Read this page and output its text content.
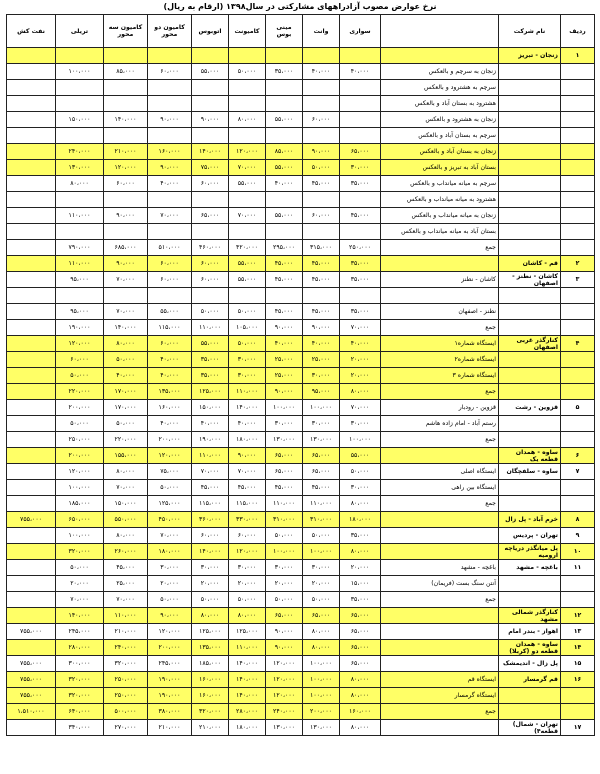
نرخ عوارض مصوب آزادراههای مشارکتی در سال۱۳۹۸ (ارقام به ریال)
ردیف	نام شرکت		سواری	وانت	مینی بوس	کامیونت	اتوبوس	کامیون دو محور	کامیون سه محور	تریلی	نفت کش
۱	زنجان - تبریز										
		زنجان به سرچم و بالعکس	۴۰،۰۰۰	۴۰،۰۰۰	۳۵،۰۰۰	۵۰،۰۰۰	۵۵،۰۰۰	۶۰،۰۰۰	۸۵،۰۰۰	۱۰۰،۰۰۰	
		سرچم به هشترود و بالعکس									
		هشترود به بستان آباد و بالعکس									
		زنجان به هشترود و بالعکس		۶۰،۰۰۰	۵۵،۰۰۰	۸۰،۰۰۰	۹۰،۰۰۰	۹۰،۰۰۰	۱۴۰،۰۰۰	۱۵۰،۰۰۰	
		سرچم به بستان آباد و بالعکس									
		زنجان به بستان آباد و بالعکس	۶۵،۰۰۰	۹۰،۰۰۰	۸۵،۰۰۰	۱۲۰،۰۰۰	۱۴۰،۰۰۰	۱۶۰،۰۰۰	۲۱۰،۰۰۰	۲۴۰،۰۰۰	
		بستان آباد به تبریز و بالعکس	۳۰،۰۰۰	۵۰،۰۰۰	۵۵،۰۰۰	۷۰،۰۰۰	۷۵،۰۰۰	۹۰،۰۰۰	۱۲۰،۰۰۰	۱۳۰،۰۰۰	
		سرچم به میانه میانداب و بالعکس	۳۵،۰۰۰	۴۵،۰۰۰	۴۰،۰۰۰	۵۵،۰۰۰	۶۰،۰۰۰	۴۰،۰۰۰	۶۰،۰۰۰	۸۰،۰۰۰	
		هشترود به میانه میانداب و بالعکس									
		زنجان به میانه میانداب و بالعکس	۴۵،۰۰۰	۶۰،۰۰۰	۵۵،۰۰۰	۷۰،۰۰۰	۶۵،۰۰۰	۷۰،۰۰۰	۹۰،۰۰۰	۱۱۰،۰۰۰	
		بستان آباد به میانه میانداب و بالعکس									
		جمع	۲۵۰،۰۰۰	۳۱۵،۰۰۰	۲۹۵،۰۰۰	۴۲۰،۰۰۰	۴۶۰،۰۰۰	۵۱۰،۰۰۰	۶۸۵،۰۰۰	۷۹۰،۰۰۰	
۲	قم - کاشان		۳۵،۰۰۰	۴۵،۰۰۰	۴۵،۰۰۰	۵۵،۰۰۰	۶۰،۰۰۰	۶۰،۰۰۰	۹۰،۰۰۰	۱۱۰،۰۰۰	
۳	کاشان - نطنز - اصفهان	کاشان - نطنز	۳۵،۰۰۰	۴۵،۰۰۰	۴۵،۰۰۰	۵۵،۰۰۰	۶۰،۰۰۰	۶۰،۰۰۰	۷۰،۰۰۰	۹۵،۰۰۰	

		نطنز - اصفهان	۳۵،۰۰۰	۴۵،۰۰۰	۴۵،۰۰۰	۵۰،۰۰۰	۵۰،۰۰۰	۵۵،۰۰۰	۷۰،۰۰۰	۹۵،۰۰۰	
		جمع	۷۰،۰۰۰	۹۰،۰۰۰	۹۰،۰۰۰	۱۰۵،۰۰۰	۱۱۰،۰۰۰	۱۱۵،۰۰۰	۱۴۰،۰۰۰	۱۹۰،۰۰۰	
۴	کنارگذر غربی اصفهان	ایستگاه شماره۱	۴۰،۰۰۰	۴۰،۰۰۰	۴۰،۰۰۰	۵۰،۰۰۰	۵۵،۰۰۰	۶۰،۰۰۰	۸۰،۰۰۰	۱۲۰،۰۰۰	
		ایستگاه شماره۲	۲۰،۰۰۰	۲۵،۰۰۰	۲۵،۰۰۰	۳۰،۰۰۰	۳۵،۰۰۰	۴۰،۰۰۰	۵۰،۰۰۰	۶۰،۰۰۰	
		ایستگاه شماره ۳	۲۰،۰۰۰	۳۰،۰۰۰	۲۵،۰۰۰	۳۰،۰۰۰	۳۵،۰۰۰	۴۰،۰۰۰	۴۰،۰۰۰	۵۰،۰۰۰	
		جمع	۸۰،۰۰۰	۹۵،۰۰۰	۹۰،۰۰۰	۱۱۰،۰۰۰	۱۲۵،۰۰۰	۱۳۵،۰۰۰	۱۷۰،۰۰۰	۲۲۰،۰۰۰	
۵	قزوین - رشت	قزوین - رودبار	۷۰،۰۰۰	۱۰۰،۰۰۰	۱۰۰،۰۰۰	۱۴۰،۰۰۰	۱۵۰،۰۰۰	۱۶۰،۰۰۰	۱۷۰،۰۰۰	۲۰۰،۰۰۰	
		رستم آباد - امام زاده هاشم	۳۰،۰۰۰	۳۰،۰۰۰	۳۰،۰۰۰	۴۰،۰۰۰	۴۰،۰۰۰	۴۰،۰۰۰	۵۰،۰۰۰	۵۰،۰۰۰	
		جمع	۱۰۰،۰۰۰	۱۳۰،۰۰۰	۱۳۰،۰۰۰	۱۸۰،۰۰۰	۱۹۰،۰۰۰	۲۰۰،۰۰۰	۲۲۰،۰۰۰	۲۵۰،۰۰۰	
۶	ساوه - همدان قطعه یک		۵۵،۰۰۰	۶۵،۰۰۰	۶۵،۰۰۰	۹۰،۰۰۰	۱۱۰،۰۰۰	۱۲۰،۰۰۰	۱۵۵،۰۰۰	۲۰۰،۰۰۰	
۷	ساوه - سلفچگان	ایستگاه اصلی	۵۰،۰۰۰	۶۵،۰۰۰	۶۵،۰۰۰	۷۰،۰۰۰	۷۰،۰۰۰	۷۵،۰۰۰	۸۰،۰۰۰	۱۲۰،۰۰۰	
		ایستگاه بین راهی	۳۰،۰۰۰	۴۵،۰۰۰	۴۵،۰۰۰	۴۵،۰۰۰	۴۵،۰۰۰	۵۰،۰۰۰	۷۰،۰۰۰	۱۰۰،۰۰۰	
		جمع	۸۰،۰۰۰	۱۱۰،۰۰۰	۱۱۰،۰۰۰	۱۱۵،۰۰۰	۱۱۵،۰۰۰	۱۲۵،۰۰۰	۱۵۰،۰۰۰	۱۸۵،۰۰۰	
۸	خرم آباد - پل زال		۱۸۰،۰۰۰	۳۱۰،۰۰۰	۳۱۰،۰۰۰	۳۳۰،۰۰۰	۳۶۰،۰۰۰	۴۵۰،۰۰۰	۵۵۰،۰۰۰	۶۵۰،۰۰۰	۷۵۵،۰۰۰
۹	تهران - پردیس		۳۵،۰۰۰	۵۰،۰۰۰	۵۰،۰۰۰	۶۰،۰۰۰	۶۰،۰۰۰	۷۰،۰۰۰	۸۰،۰۰۰	۱۰۰،۰۰۰	
۱۰	پل میانگذر دریاچه ارومیه		۸۰،۰۰۰	۱۰۰،۰۰۰	۱۰۰،۰۰۰	۱۲۰،۰۰۰	۱۴۰،۰۰۰	۱۸۰،۰۰۰	۲۶۰،۰۰۰	۳۲۰،۰۰۰	
۱۱	باغچه - مشهد	باغچه - مشهد	۲۰،۰۰۰	۳۰،۰۰۰	۳۰،۰۰۰	۳۰،۰۰۰	۳۰،۰۰۰	۳۰،۰۰۰	۴۵،۰۰۰	۵۰،۰۰۰	
		آنتن سنگ بست (فریمان)	۱۵،۰۰۰	۲۰،۰۰۰	۲۰،۰۰۰	۲۰،۰۰۰	۲۰،۰۰۰	۲۰،۰۰۰	۲۵،۰۰۰	۲۰،۰۰۰	
		جمع	۳۵،۰۰۰	۵۰،۰۰۰	۵۰،۰۰۰	۵۰،۰۰۰	۵۰،۰۰۰	۵۰،۰۰۰	۷۰،۰۰۰	۷۰،۰۰۰	
۱۲	کنارگذر شمالی مشهد		۶۵،۰۰۰	۶۵،۰۰۰	۶۵،۰۰۰	۸۰،۰۰۰	۸۰،۰۰۰	۹۰،۰۰۰	۱۱۰،۰۰۰	۱۴۰،۰۰۰	
۱۳	اهواز - بندر امام		۶۵،۰۰۰	۸۰،۰۰۰	۹۰،۰۰۰	۱۲۵،۰۰۰	۱۲۵،۰۰۰	۱۲۰،۰۰۰	۲۱۰،۰۰۰	۲۴۵،۰۰۰	۷۵۵،۰۰۰
۱۴	ساوه - همدان قطعه دو (کربلا)		۶۵،۰۰۰	۸۰،۰۰۰	۹۰،۰۰۰	۱۱۰،۰۰۰	۱۳۵،۰۰۰	۲۰۰،۰۰۰	۲۴۰،۰۰۰	۲۸۰،۰۰۰	
۱۵	پل زال - اندیمشک		۶۵،۰۰۰	۱۰۰،۰۰۰	۱۲۰،۰۰۰	۱۴۰،۰۰۰	۱۸۵،۰۰۰	۲۴۵،۰۰۰	۳۲۰،۰۰۰	۳۰۰،۰۰۰	۷۵۵،۰۰۰
۱۶	قم گرمسار	ایستگاه قم	۸۰،۰۰۰	۱۰۰،۰۰۰	۱۲۰،۰۰۰	۱۴۰،۰۰۰	۱۶۰،۰۰۰	۱۹۰،۰۰۰	۲۵۰،۰۰۰	۳۲۰،۰۰۰	۷۵۵،۰۰۰
		ایستگاه گرمسار	۸۰،۰۰۰	۱۰۰،۰۰۰	۱۲۰،۰۰۰	۱۴۰،۰۰۰	۱۶۰،۰۰۰	۱۹۰،۰۰۰	۲۵۰،۰۰۰	۳۲۰،۰۰۰	۷۵۵،۰۰۰
		جمع	۱۶۰،۰۰۰	۲۰۰،۰۰۰	۲۴۰،۰۰۰	۲۸۰،۰۰۰	۳۲۰،۰۰۰	۳۸۰،۰۰۰	۵۰۰،۰۰۰	۶۴۰،۰۰۰	۱،۵۱۰،۰۰۰
۱۷	تهران - شمال) قطعه۴)		۸۰،۰۰۰	۱۳۰،۰۰۰	۱۳۰،۰۰۰	۱۸۰،۰۰۰	۲۱۰،۰۰۰	۲۱۰،۰۰۰	۲۷۰،۰۰۰	۳۴۰،۰۰۰	
